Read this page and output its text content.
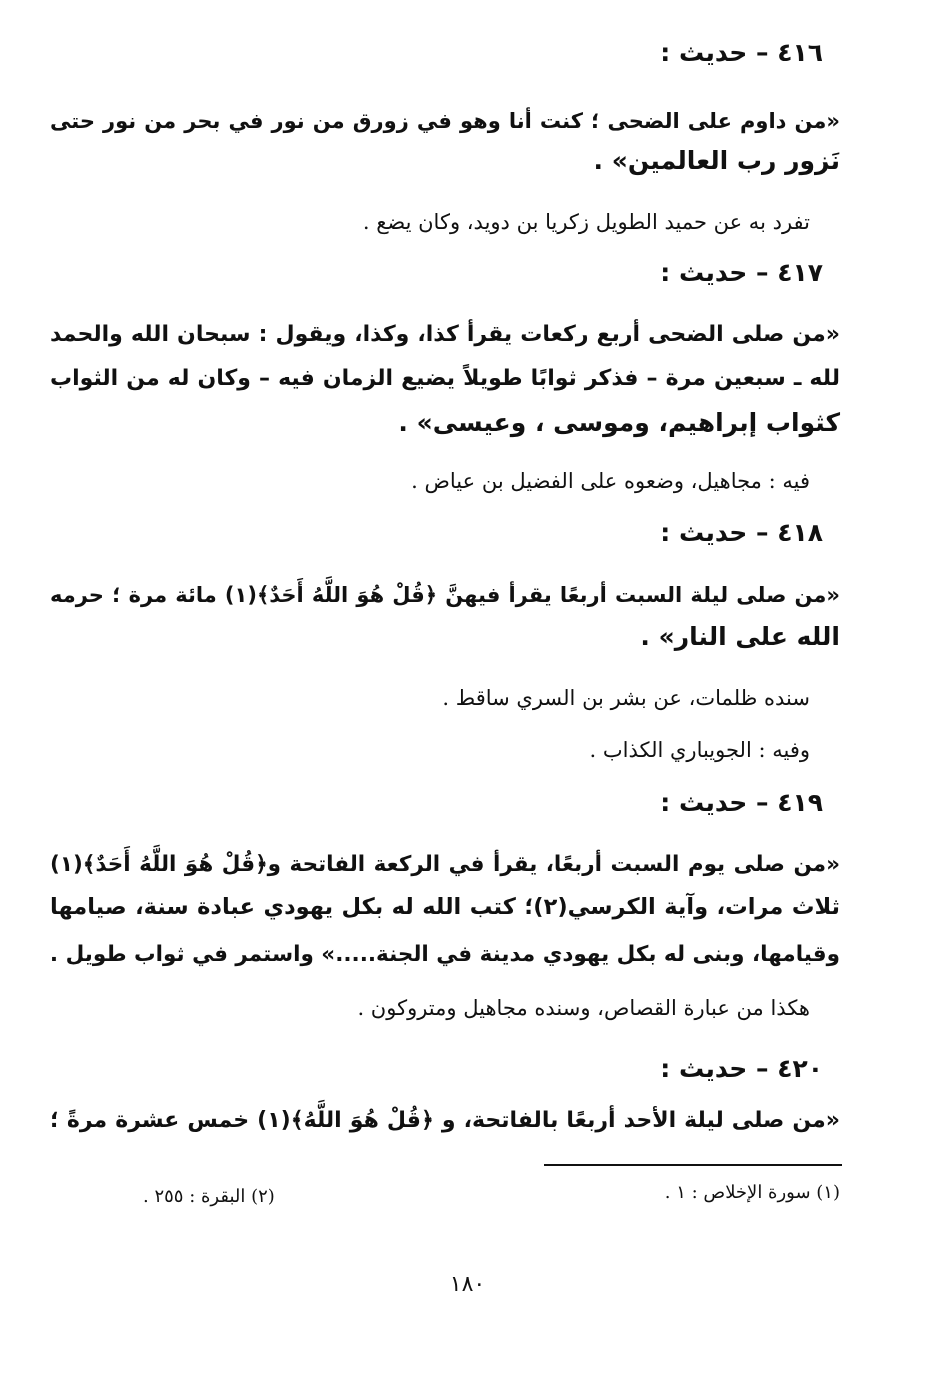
٤١٦ – حديث :
«من داوم على الضحى ؛ كنت أنا وهو في زورق من نور في بحر من نور حتى
نَزور رب العالمين» .
تفرد به عن حميد الطويل زكريا بن دويد، وكان يضع .
٤١٧ – حديث :
«من صلى الضحى أربع ركعات يقرأ كذا، وكذا، ويقول : سبحان الله والحمد
لله ـ سبعين مرة – فذكر ثوابًا طويلاً يضيع الزمان فيه – وكان له من الثواب
كثواب إبراهيم، وموسى ، وعيسى» .
فيه : مجاهيل، وضعوه على الفضيل بن عياض .
٤١٨ – حديث :
«من صلى ليلة السبت أربعًا يقرأ فيهنَّ ﴿قُلْ هُوَ اللَّهُ أَحَدٌ﴾(١) مائة مرة ؛ حرمه
الله على النار» .
سنده ظلمات، عن بشر بن السري ساقط .
وفيه : الجويباري الكذاب .
٤١٩ – حديث :
«من صلى يوم السبت أربعًا، يقرأ في الركعة الفاتحة و﴿قُلْ هُوَ اللَّهُ أَحَدٌ﴾(١)
ثلاث مرات، وآية الكرسي(٢)؛ كتب الله له بكل يهودي عبادة سنة، صيامها
وقيامها، وبنى له بكل يهودي مدينة في الجنة.....» واستمر في ثواب طويل .
هكذا من عبارة القصاص، وسنده مجاهيل ومتروكون .
٤٢٠ – حديث :
«من صلى ليلة الأحد أربعًا بالفاتحة، و ﴿قُلْ هُوَ اللَّهُ﴾(١) خمس عشرة مرةً ؛
(١) سورة الإخلاص : ١ .
(٢) البقرة : ٢٥٥ .
١٨٠
